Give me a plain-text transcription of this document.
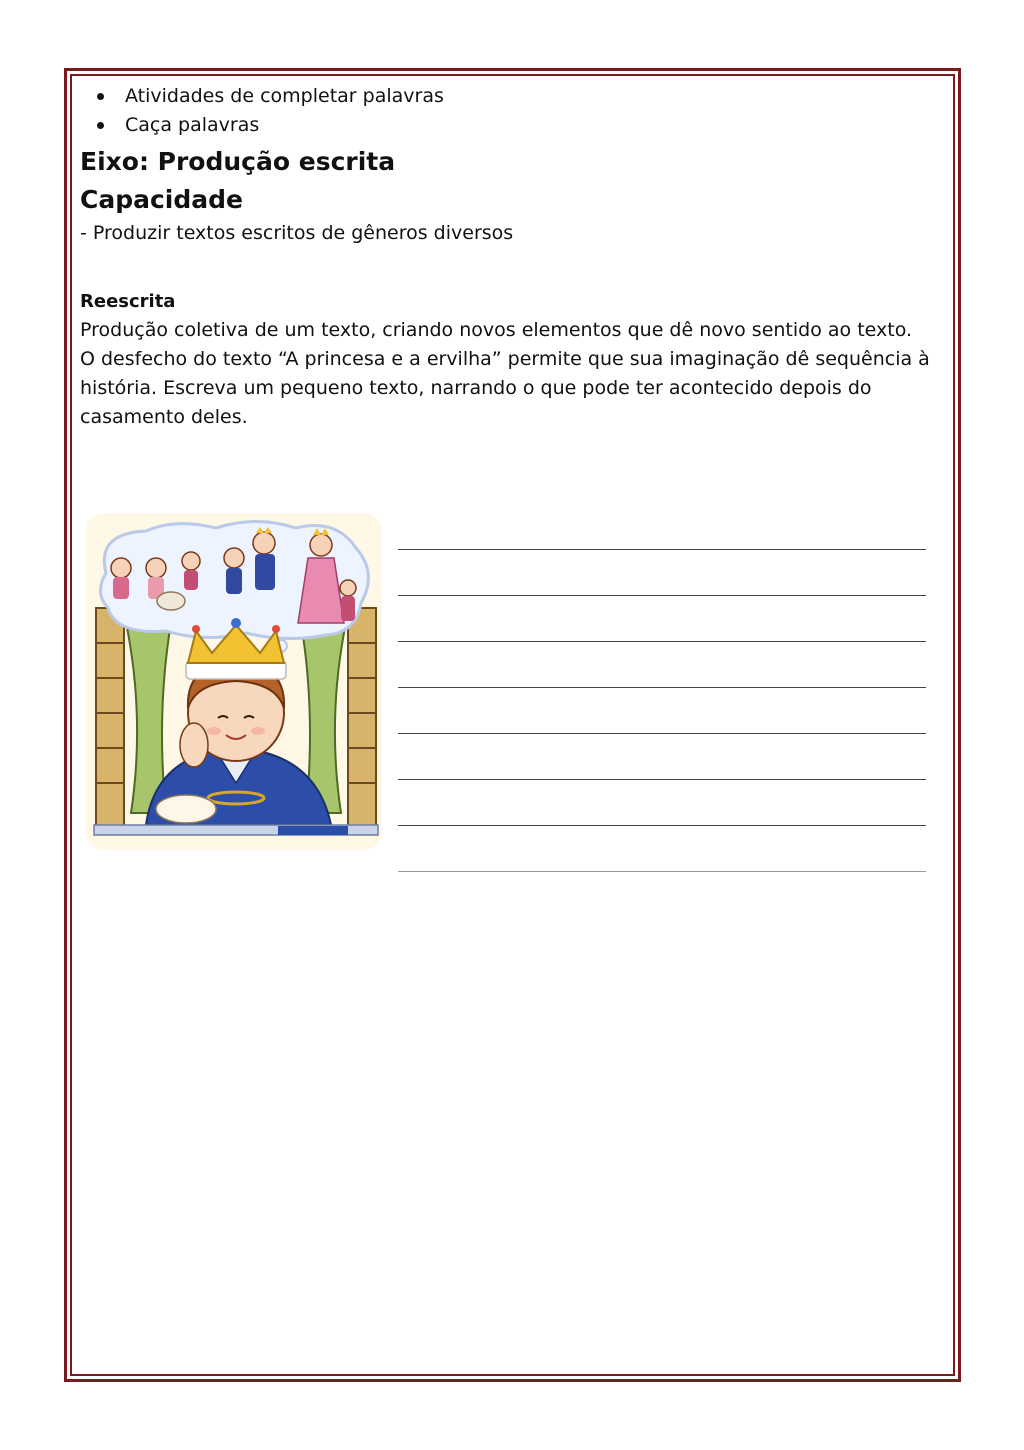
Atividades de completar palavras
Caça palavras
Eixo: Produção escrita
Capacidade

- Produzir textos escritos de gêneros diversos

Reescrita

Produção coletiva de um texto, criando novos elementos que dê novo sentido ao texto.

O desfecho do texto “A princesa e a ervilha” permite que sua imaginação dê sequência à

história. Escreva um pequeno texto, narrando o que pode ter acontecido depois do

casamento deles.
